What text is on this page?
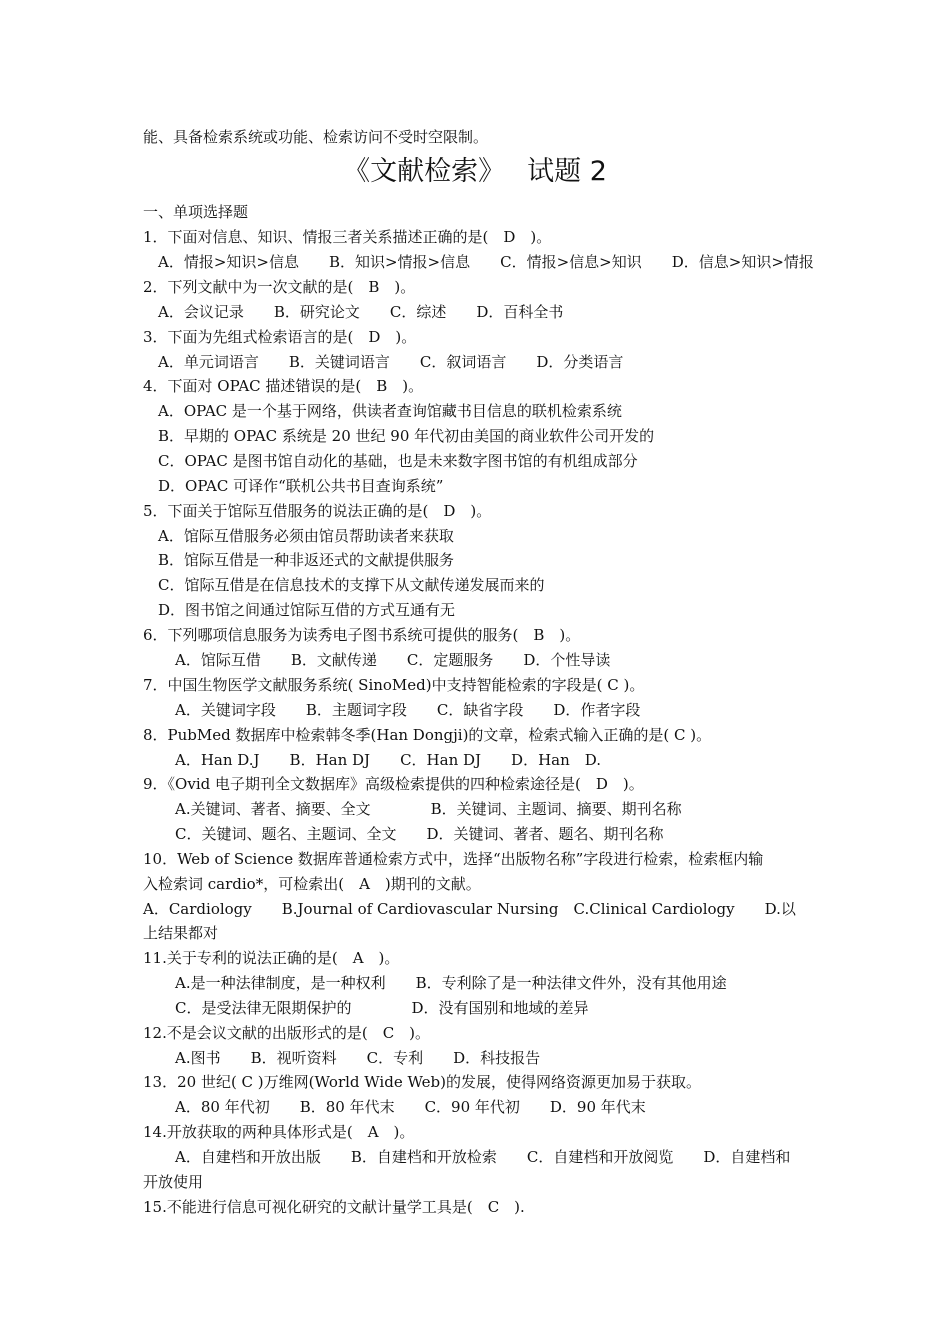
能、具备检索系统或功能、检索访问不受时空限制。
《文献检索》　 试题 2
一、单项选择题
1．下面对信息、知识、情报三者关系描述正确的是(　D　)。
A．情报>知识>信息　　B．知识>情报>信息　　C．情报>信息>知识　　D．信息>知识>情报
2．下列文献中为一次文献的是(　B　)。
A．会议记录　　B．研究论文　　C．综述　　D．百科全书
3．下面为先组式检索语言的是(　D　)。
A．单元词语言　　B．关键词语言　　C．叙词语言　　D．分类语言
4．下面对 OPAC 描述错误的是(　B　)。
A．OPAC 是一个基于网络，供读者查询馆藏书目信息的联机检索系统
B．早期的 OPAC 系统是 20 世纪 90 年代初由美国的商业软件公司开发的
C．OPAC 是图书馆自动化的基础，也是未来数字图书馆的有机组成部分
D．OPAC 可译作“联机公共书目查询系统”
5．下面关于馆际互借服务的说法正确的是(　D　)。
A．馆际互借服务必须由馆员帮助读者来获取
B．馆际互借是一种非返还式的文献提供服务
C．馆际互借是在信息技术的支撑下从文献传递发展而来的
D．图书馆之间通过馆际互借的方式互通有无
6．下列哪项信息服务为读秀电子图书系统可提供的服务(　B　)。
A．馆际互借　　B．文献传递　　C．定题服务　　D．个性导读
7．中国生物医学文献服务系统( SinoMed)中支持智能检索的字段是( C )。
A．关键词字段　　B．主题词字段　　C．缺省字段　　D．作者字段
8．PubMed 数据库中检索韩冬季(Han Dongji)的文章，检索式输入正确的是( C )。
A．Han D.J　　B．Han DJ　　C．Han DJ　　D．Han　D.
9．《Ovid 电子期刊全文数据库》高级检索提供的四种检索途径是(　D　)。
A.关键词、著者、摘要、全文　　　　B．关键词、主题词、摘要、期刊名称
C．关键词、题名、主题词、全文　　D．关键词、著者、题名、期刊名称
10．Web of Science 数据库普通检索方式中，选择“出版物名称”字段进行检索，检索框内输
入检索词 cardio*，可检索出(　A　)期刊的文献。
A．Cardiology　　B.Journal of Cardiovascular Nursing　C.Clinical Cardiology　　D.以
上结果都对
11.关于专利的说法正确的是(　A　)。
A.是一种法律制度，是一种权利　　B．专利除了是一种法律文件外，没有其他用途
C．是受法律无限期保护的　　　　D．没有国别和地域的差异
12.不是会议文献的出版形式的是(　C　)。
A.图书　　B．视听资料　　C．专利　　D．科技报告
13．20 世纪( C )万维网(World Wide Web)的发展，使得网络资源更加易于获取。
A．80 年代初　　B．80 年代末　　C．90 年代初　　D．90 年代末
14.开放获取的两种具体形式是(　A　)。
A．自建档和开放出版　　B．自建档和开放检索　　C．自建档和开放阅览　　D．自建档和
开放使用
15.不能进行信息可视化研究的文献计量学工具是(　C　).
